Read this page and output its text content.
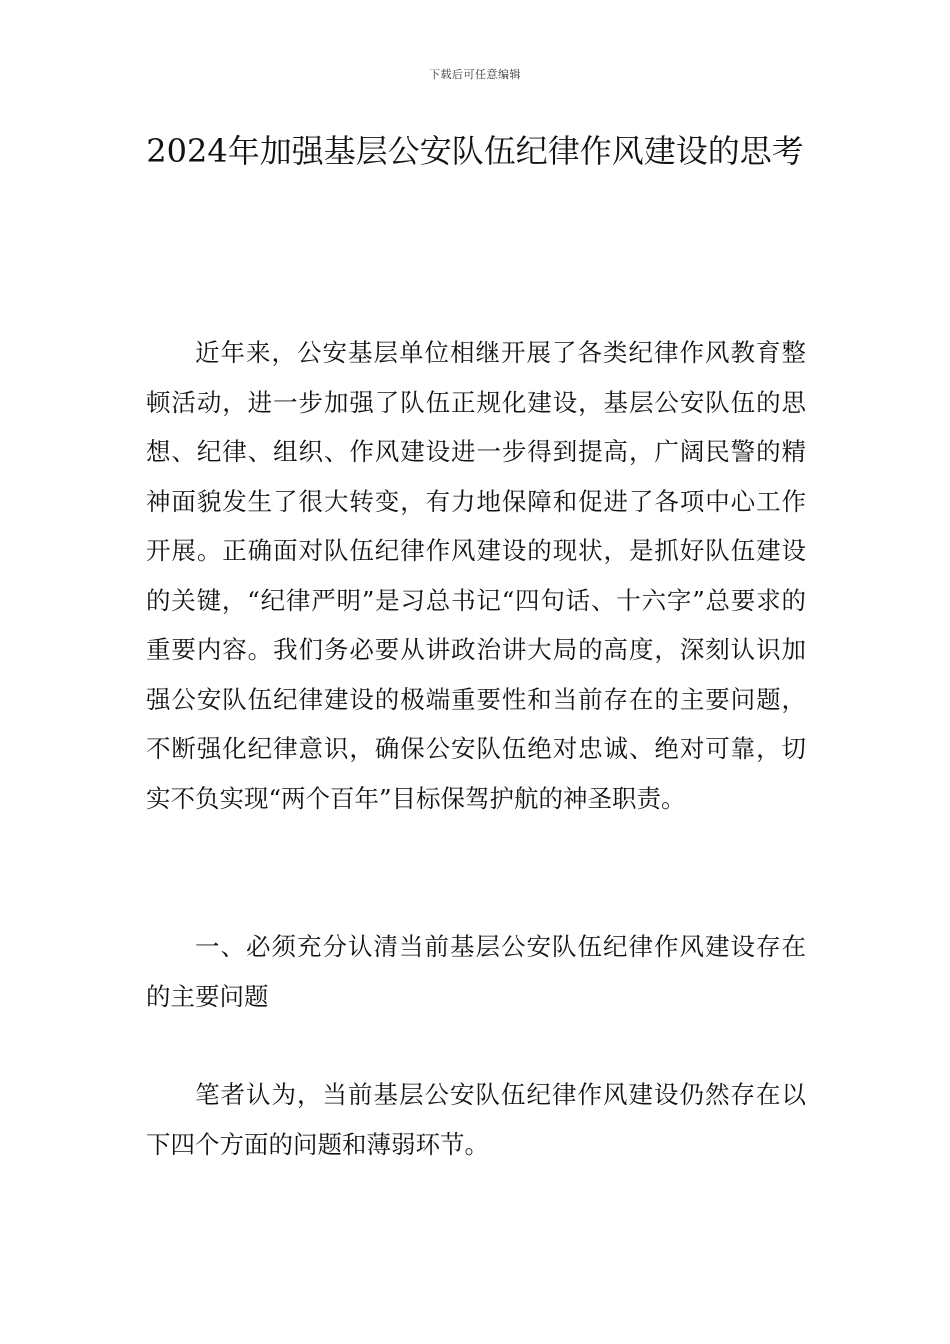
下载后可任意编辑
2024年加强基层公安队伍纪律作风建设的思考

近年来，公安基层单位相继开展了各类纪律作风教育整顿活动，进一步加强了队伍正规化建设，基层公安队伍的思想、纪律、组织、作风建设进一步得到提高，广阔民警的精神面貌发生了很大转变，有力地保障和促进了各项中心工作开展。正确面对队伍纪律作风建设的现状，是抓好队伍建设的关键，“纪律严明”是习总书记“四句话、十六字”总要求的重要内容。我们务必要从讲政治讲大局的高度，深刻认识加强公安队伍纪律建设的极端重要性和当前存在的主要问题，不断强化纪律意识，确保公安队伍绝对忠诚、绝对可靠，切实不负实现“两个百年”目标保驾护航的神圣职责。

一、必须充分认清当前基层公安队伍纪律作风建设存在的主要问题

笔者认为，当前基层公安队伍纪律作风建设仍然存在以下四个方面的问题和薄弱环节。
